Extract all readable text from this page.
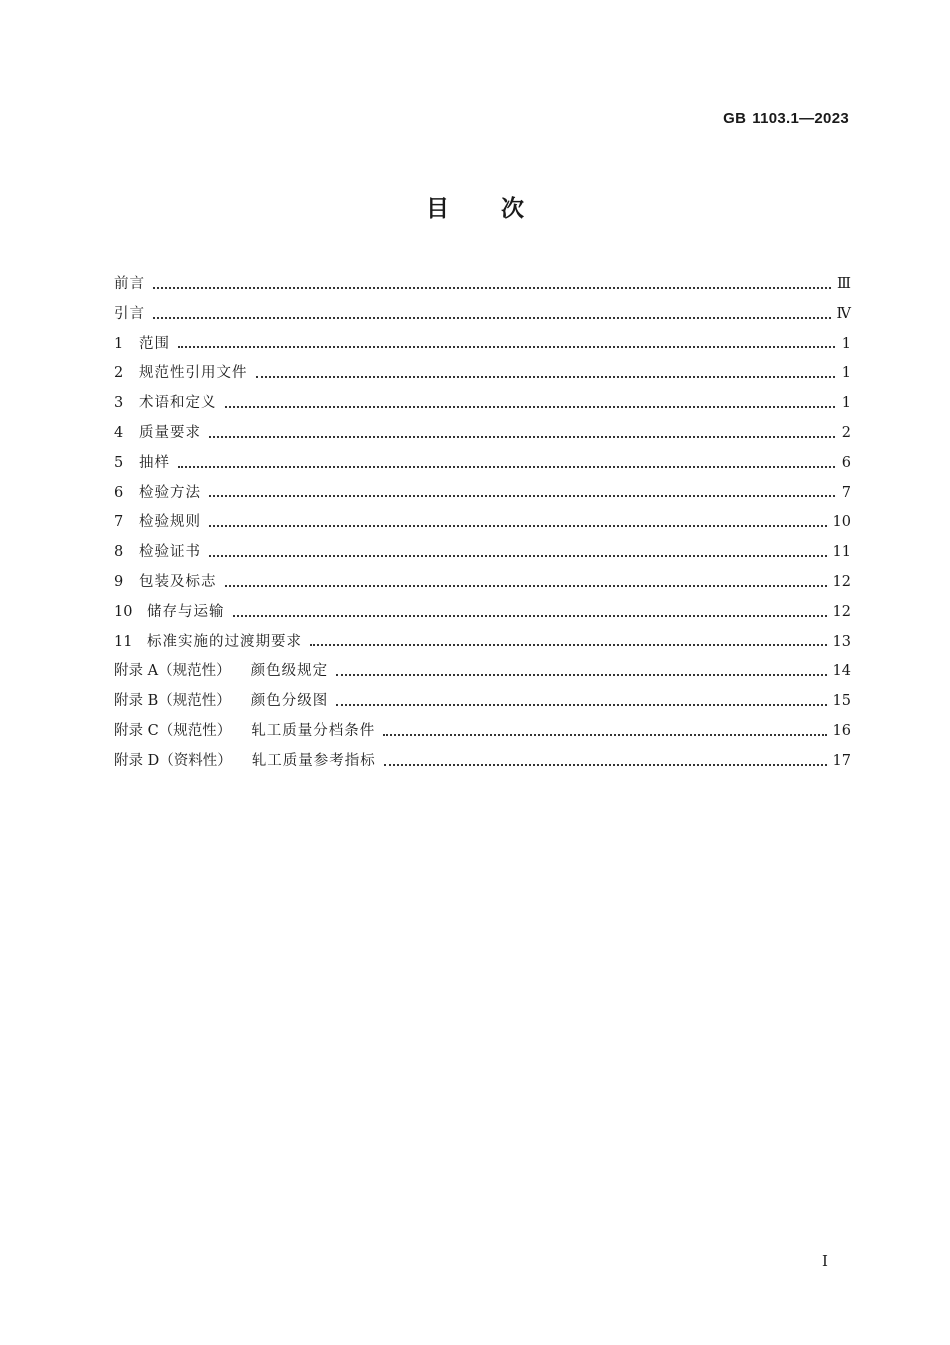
GB 1103.1—2023
目次
前言	Ⅲ
引言	Ⅳ
1	范围	1
2	规范性引用文件	1
3	术语和定义	1
4	质量要求	2
5	抽样	6
6	检验方法	7
7	检验规则	10
8	检验证书	11
9	包装及标志	12
10	储存与运输	12
11	标准实施的过渡期要求	13
附录 A（规范性）	颜色级规定	14
附录 B（规范性）	颜色分级图	15
附录 C（规范性）	轧工质量分档条件	16
附录 D（资料性）	轧工质量参考指标	17
I
